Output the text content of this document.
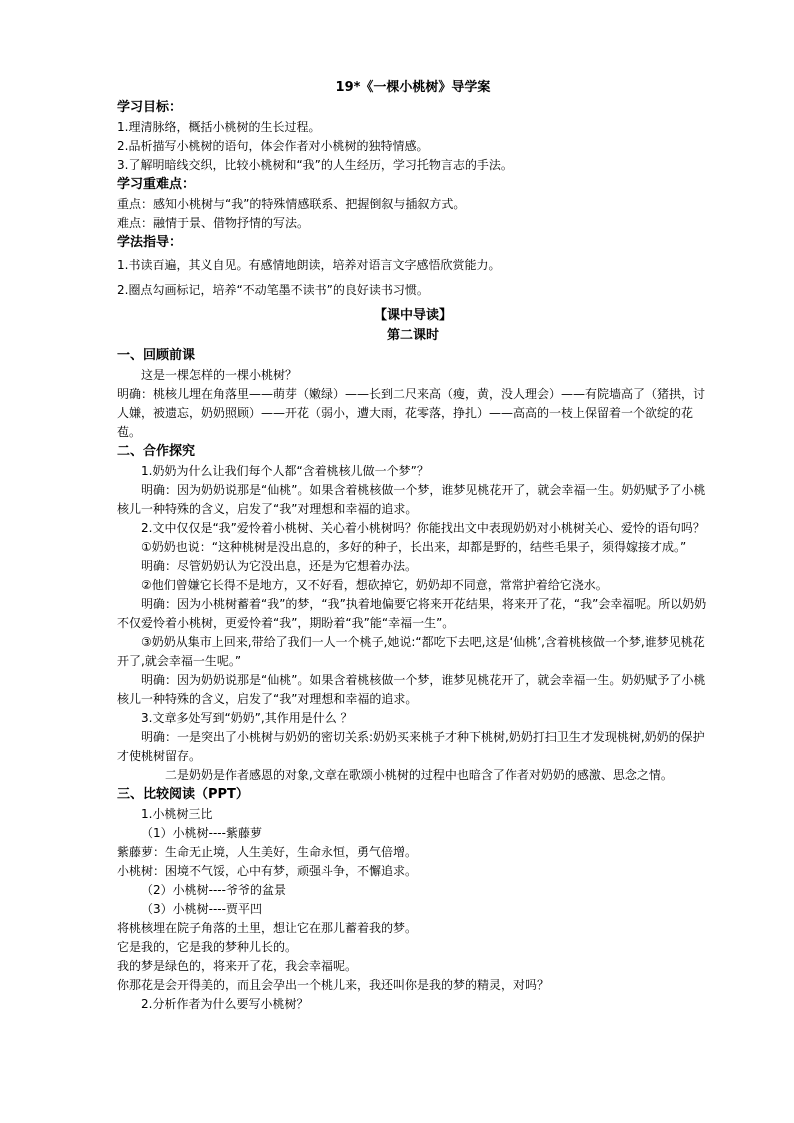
19*《一棵小桃树》导学案

学习目标：

1.理清脉络，概括小桃树的生长过程。

2.品析描写小桃树的语句，体会作者对小桃树的独特情感。

3.了解明暗线交织，比较小桃树和“我”的人生经历，学习托物言志的手法。

学习重难点：

重点：感知小桃树与“我”的特殊情感联系、把握倒叙与插叙方式。

难点：融情于景、借物抒情的写法。

学法指导：

1.书读百遍，其义自见。有感情地朗读，培养对语言文字感悟欣赏能力。

2.圈点勾画标记，培养“不动笔墨不读书”的良好读书习惯。

【课中导读】

第二课时

一、回顾前课

这是一棵怎样的一棵小桃树？

明确：桃核儿埋在角落里——萌芽（嫩绿）——长到二尺来高（瘦，黄，没人理会）——有院墙高了（猪拱，讨人嫌，被遗忘，奶奶照顾）——开花（弱小，遭大雨，花零落，挣扎）——高高的一枝上保留着一个欲绽的花苞。

二、合作探究

1.奶奶为什么让我们每个人都“含着桃核儿做一个梦”？

明确：因为奶奶说那是“仙桃”。如果含着桃核做一个梦，谁梦见桃花开了，就会幸福一生。奶奶赋予了小桃核儿一种特殊的含义，启发了“我”对理想和幸福的追求。

2.文中仅仅是“我”爱怜着小桃树、关心着小桃树吗？你能找出文中表现奶奶对小桃树关心、爱怜的语句吗？

①奶奶也说：“这种桃树是没出息的，多好的种子，长出来，却都是野的，结些毛果子，须得嫁接才成。”

明确：尽管奶奶认为它没出息，还是为它想着办法。

②他们曾嫌它长得不是地方，又不好看，想砍掉它，奶奶却不同意，常常护着给它浇水。

明确：因为小桃树蓄着“我”的梦，“我”执着地偏要它将来开花结果，将来开了花，“我”会幸福呢。所以奶奶不仅爱怜着小桃树，更爱怜着“我”，期盼着“我”能“幸福一生”。

③奶奶从集市上回来,带给了我们一人一个桃子,她说:“都吃下去吧,这是‘仙桃’,含着桃核做一个梦,谁梦见桃花开了,就会幸福一生呢。”

明确：因为奶奶说那是“仙桃”。如果含着桃核做一个梦，谁梦见桃花开了，就会幸福一生。奶奶赋予了小桃核儿一种特殊的含义，启发了“我”对理想和幸福的追求。

3.文章多处写到“奶奶”,其作用是什么 ？

明确：一是突出了小桃树与奶奶的密切关系:奶奶买来桃子才种下桃树,奶奶打扫卫生才发现桃树,奶奶的保护才使桃树留存。

二是奶奶是作者感恩的对象,文章在歌颂小桃树的过程中也暗含了作者对奶奶的感激、思念之情。

三、比较阅读（PPT）

1.小桃树三比

（1）小桃树----紫藤萝

紫藤萝：生命无止境，人生美好，生命永恒，勇气倍增。

小桃树：困境不气馁，心中有梦，顽强斗争，不懈追求。

（2）小桃树----爷爷的盆景

（3）小桃树----贾平凹

将桃核埋在院子角落的土里，想让它在那儿蓄着我的梦。

它是我的，它是我的梦种儿长的。

我的梦是绿色的，将来开了花，我会幸福呢。

你那花是会开得美的，而且会孕出一个桃儿来，我还叫你是我的梦的精灵，对吗？

2.分析作者为什么要写小桃树？
